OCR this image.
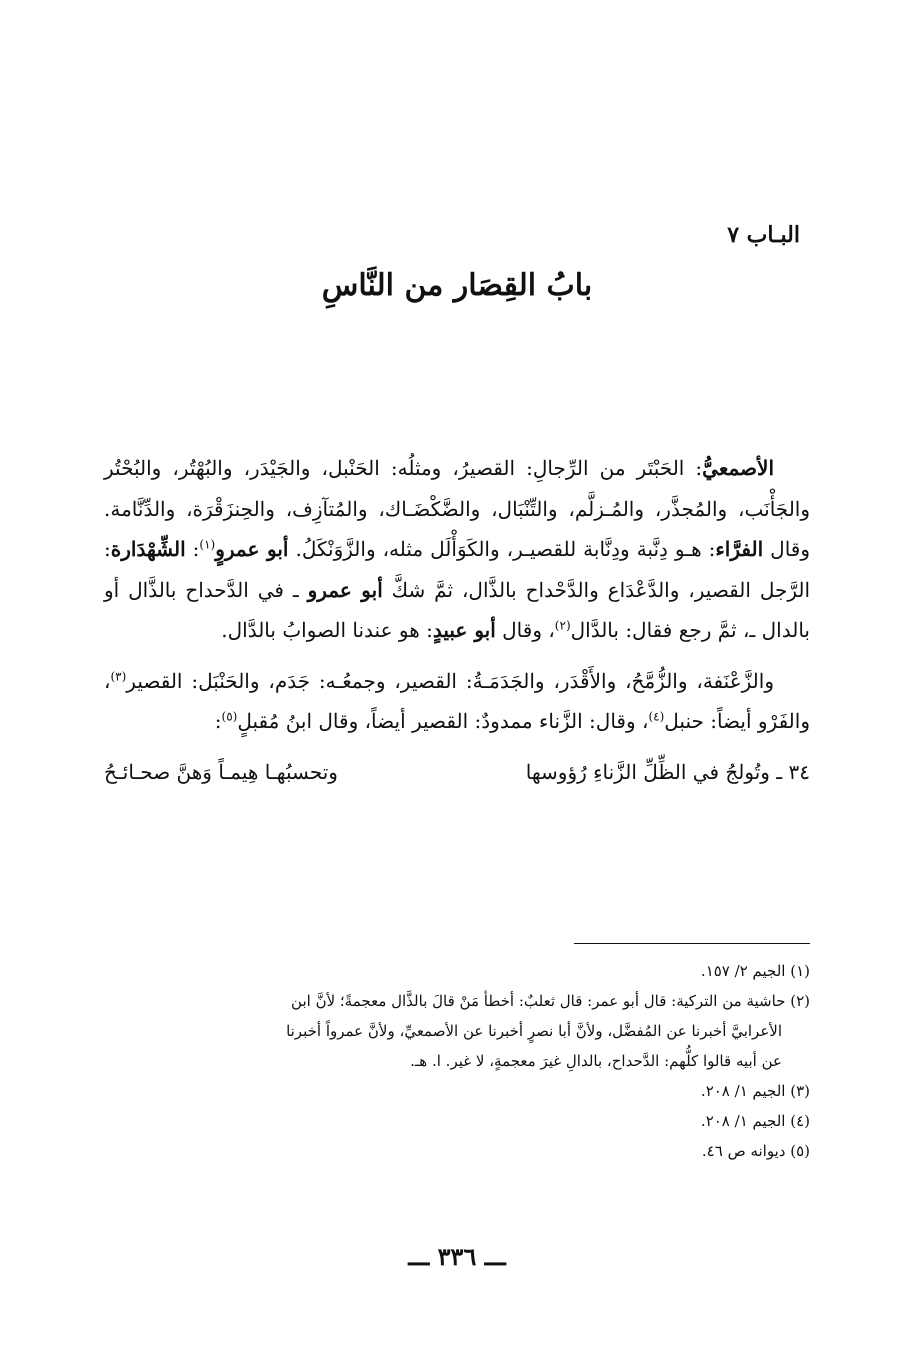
البـاب ٧
بابُ القِصَار من النَّاسِ

الأصمعيُّ: الحَبْتَر من الرِّجالِ: القصيرُ، ومثلُه: الحَنْبل، والجَيْدَر، والبُهْتُر، والبُحْتُر والجَأْنَب، والمُجذَّر، والمُـزلَّم، والتِّنْبَال، والضَّكْضَـاك، والمُتآزِف، والحِنزَقْرَة، والدِّنَّامة. وقال الفرَّاء: هـو دِنَّبة ودِنَّابة للقصيـر، والكَوَأْلَل مثله، والزَّوَنْكَلُ. أبو عمروٍ$^{(١)}$: الشِّهْدَارة: الرَّجل القصير، والدَّعْدَاع والدَّحْداح بالذَّال، ثمَّ شكَّ أبو عمرو ـ في الدَّحداح بالذَّال أو بالدال ـ، ثمَّ رجع فقال: بالدَّال$^{(٢)}$، وقال أبو عبيدٍ: هو عندنا الصوابُ بالدَّال.

والزَّعْنَفة، والزُّمَّحُ، والأَقْدَر، والجَدَمَـةُ: القصير، وجمعُـه: جَدَم، والحَنْبَل: القصير$^{(٣)}$، والفَرْو أيضاً: حنبل$^{(٤)}$، وقال: الزَّناء ممدودٌ: القصير أيضاً، وقال ابنُ مُقبلٍ$^{(٥)}$:

٣٤ ـ وتُولجُ في الظِّلِّ الزَّناءِ رُؤوسها
وتحسبُهـا هِيمـاً وَهنَّ صحـائـحُ

(١) الجيم ٢/ ١٥٧.

(٢) حاشية من التركية: قال أبو عمر: قال ثعلبٌ: أخطأ مَنْ قالَ بالذَّال معجمةً؛ لأنَّ ابن
الأعرابيَّ أخبرنا عن المُفضَّل، ولأنَّ أبا نصرٍ أخبرنا عن الأصمعيِّ، ولأنَّ عمرواً أخبرنا
عن أبيه قالوا كلُّهم: الدَّحداح، بالدالِ غيرَ معجمةٍ، لا غير. ا. هـ.

(٣) الجيم ١/ ٢٠٨.

(٤) الجيم ١/ ٢٠٨.

(٥) ديوانه ص ٤٦.

ـــ ٣٣٦ ـــ
